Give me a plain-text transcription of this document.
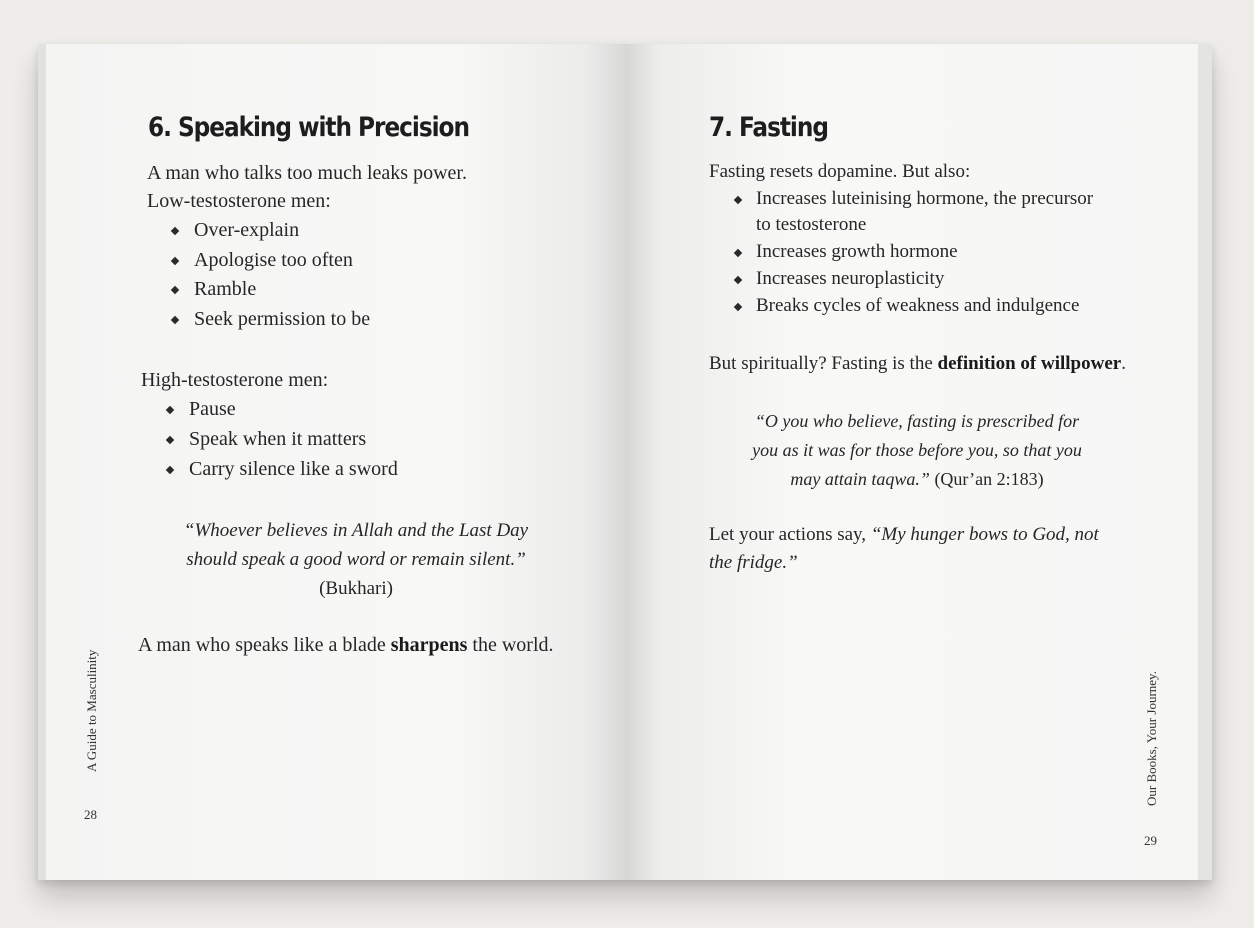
6. Speaking with Precision
A man who talks too much leaks power.
Low-testosterone men:
Over-explain
Apologise too often
Ramble
Seek permission to be
High-testosterone men:
Pause
Speak when it matters
Carry silence like a sword
“Whoever believes in Allah and the Last Day
should speak a good word or remain silent.”
(Bukhari)
A man who speaks like a blade sharpens the world.
A Guide to Masculinity
28
7. Fasting
Fasting resets dopamine. But also:
Increases luteinising hormone, the precursor
to testosterone
Increases growth hormone
Increases neuroplasticity
Breaks cycles of weakness and indulgence
But spiritually? Fasting is the definition of willpower.
“O you who believe, fasting is prescribed for
you as it was for those before you, so that you
may attain taqwa.” (Qur’an 2:183)
Let your actions say, “My hunger bows to God, not
the fridge.”
Our Books, Your Journey.
29
